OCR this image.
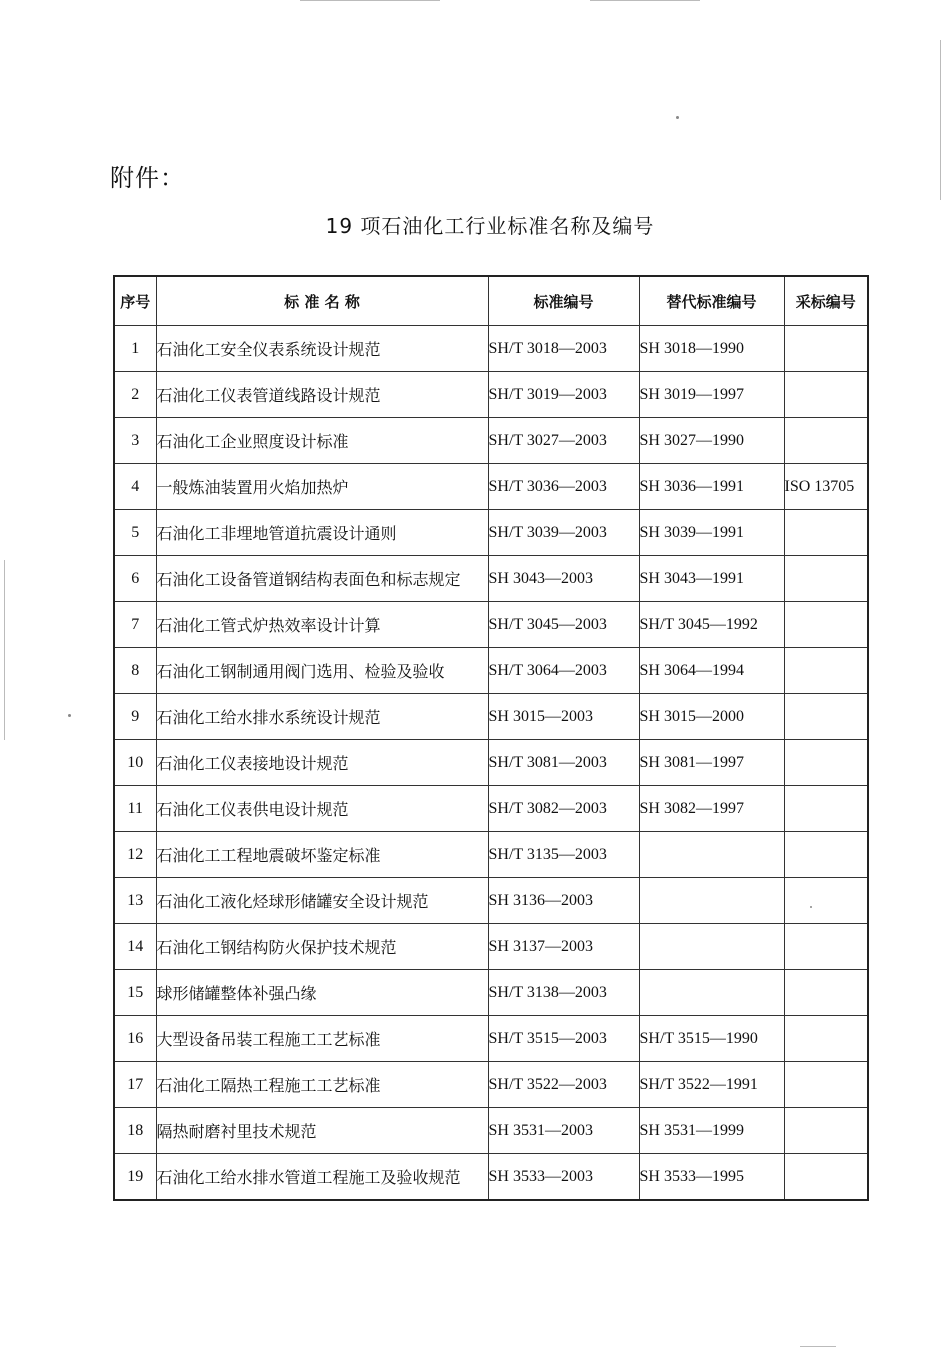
附件：
19 项石油化工行业标准名称及编号
序号	标 准 名 称	标准编号	替代标准编号	采标编号
1	石油化工安全仪表系统设计规范	SH/T 3018—2003	SH 3018—1990	
2	石油化工仪表管道线路设计规范	SH/T 3019—2003	SH 3019—1997	
3	石油化工企业照度设计标准	SH/T 3027—2003	SH 3027—1990	
4	一般炼油装置用火焰加热炉	SH/T 3036—2003	SH 3036—1991	ISO 13705
5	石油化工非埋地管道抗震设计通则	SH/T 3039—2003	SH 3039—1991	
6	石油化工设备管道钢结构表面色和标志规定	SH 3043—2003	SH 3043—1991	
7	石油化工管式炉热效率设计计算	SH/T 3045—2003	SH/T 3045—1992	
8	石油化工钢制通用阀门选用、检验及验收	SH/T 3064—2003	SH 3064—1994	
9	石油化工给水排水系统设计规范	SH 3015—2003	SH 3015—2000	
10	石油化工仪表接地设计规范	SH/T 3081—2003	SH 3081—1997	
11	石油化工仪表供电设计规范	SH/T 3082—2003	SH 3082—1997	
12	石油化工工程地震破坏鉴定标准	SH/T 3135—2003		
13	石油化工液化烃球形储罐安全设计规范	SH 3136—2003		
14	石油化工钢结构防火保护技术规范	SH 3137—2003		
15	球形储罐整体补强凸缘	SH/T 3138—2003		
16	大型设备吊装工程施工工艺标准	SH/T 3515—2003	SH/T 3515—1990	
17	石油化工隔热工程施工工艺标准	SH/T 3522—2003	SH/T 3522—1991	
18	隔热耐磨衬里技术规范	SH 3531—2003	SH 3531—1999	
19	石油化工给水排水管道工程施工及验收规范	SH 3533—2003	SH 3533—1995	
